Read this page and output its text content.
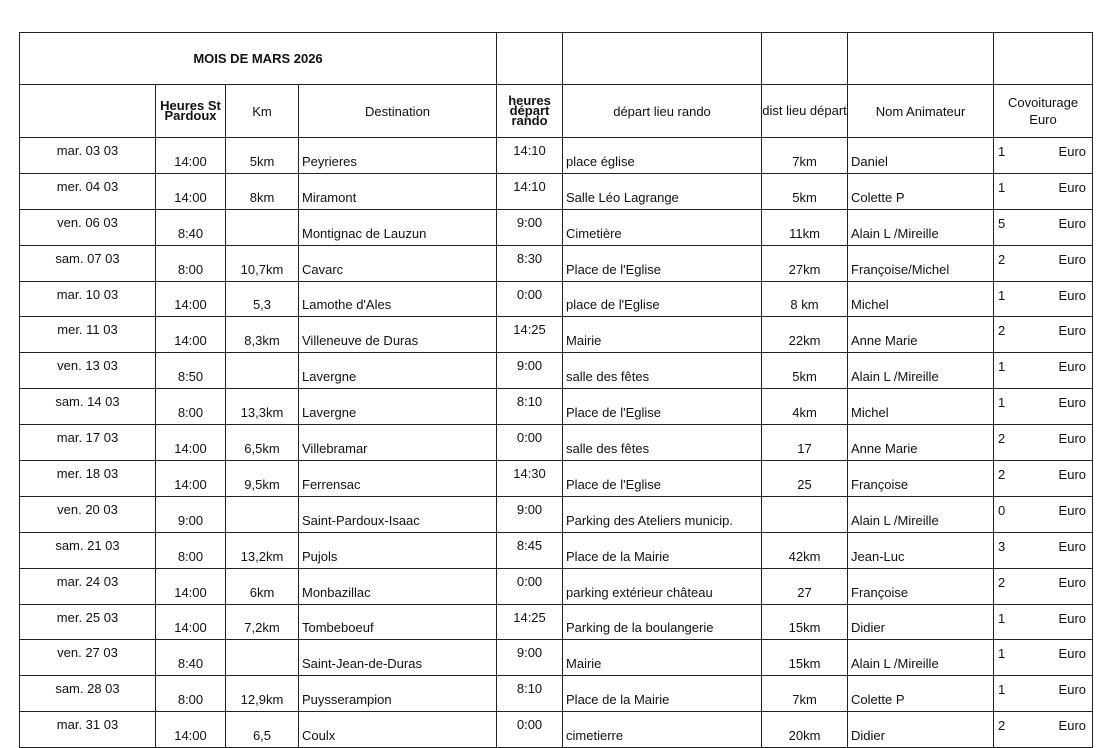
MOIS DE MARS 2026								
	Heures St Pardoux	Km	Destination	heures départ rando	départ lieu rando	dist lieu départ	Nom Animateur	Covoiturage Euro
mar. 03 03	14:00	5km	Peyrieres	14:10	place église	7km	Daniel	1 Euro

mer. 04 03	14:00	8km	Miramont	14:10	Salle Léo Lagrange	5km	Colette P	1 Euro

ven. 06 03	8:40		Montignac de Lauzun	9:00	Cimetière	11km	Alain L /Mireille	5 Euro

sam. 07 03	8:00	10,7km	Cavarc	8:30	Place de l'Eglise	27km	Françoise/Michel	2 Euro

mar. 10 03	14:00	5,3	Lamothe d'Ales	0:00	place de l'Eglise	8 km	Michel	1 Euro

mer. 11 03	14:00	8,3km	Villeneuve de Duras	14:25	Mairie	22km	Anne Marie	2 Euro

ven. 13 03	8:50		Lavergne	9:00	salle des fêtes	5km	Alain L /Mireille	1 Euro

sam. 14 03	8:00	13,3km	Lavergne	8:10	Place de l'Eglise	4km	Michel	1 Euro

mar. 17 03	14:00	6,5km	Villebramar	0:00	salle des fêtes	17	Anne Marie	2 Euro

mer. 18 03	14:00	9,5km	Ferrensac	14:30	Place de l'Eglise	25	Françoise	2 Euro

ven. 20 03	9:00		Saint-Pardoux-Isaac	9:00	Parking des Ateliers municip.		Alain L /Mireille	0 Euro

sam. 21 03	8:00	13,2km	Pujols	8:45	Place de la Mairie	42km	Jean-Luc	3 Euro

mar. 24 03	14:00	6km	Monbazillac	0:00	parking extérieur château	27	Françoise	2 Euro

mer. 25 03	14:00	7,2km	Tombeboeuf	14:25	Parking de la boulangerie	15km	Didier	1 Euro

ven. 27 03	8:40		Saint-Jean-de-Duras	9:00	Mairie	15km	Alain L /Mireille	1 Euro

sam. 28 03	8:00	12,9km	Puysserampion	8:10	Place de la Mairie	7km	Colette P	1 Euro

mar. 31 03	14:00	6,5	Coulx	0:00	cimetierre	20km	Didier	2 Euro
